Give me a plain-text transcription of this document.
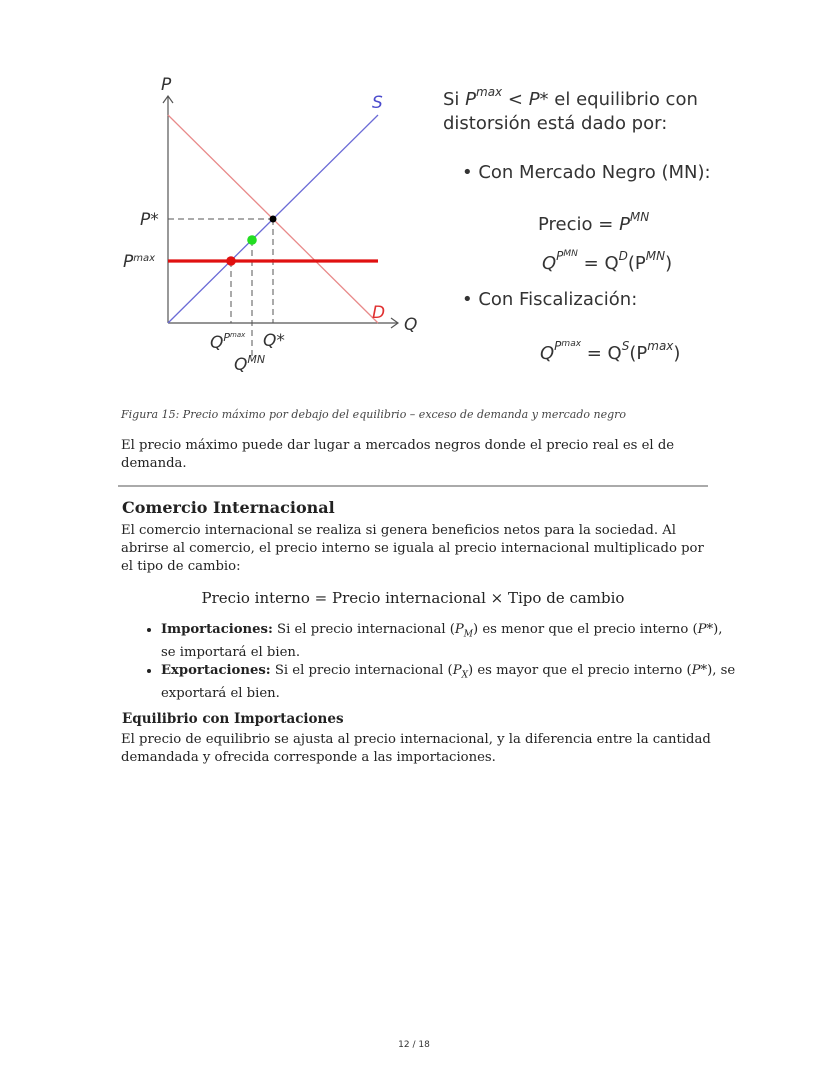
P
Q
S
D
P*
$P^{max}$
$Q^{Pmax}$ Q*
$Q^{MN}$
Si $P^{max} < P*$ el equilibrio con
distorsión está dado por:
• Con Mercado Negro (MN):
Precio = $P^{MN}$
$Q^{PMN} = Q^D(P^{MN})$
• Con Fiscalización:
$Q^{Pmax} = Q^S(P^{max})$
Figura 15: Precio máximo por debajo del equilibrio – exceso de demanda y mercado negro
El precio máximo puede dar lugar a mercados negros donde el precio real es el de demanda.
Comercio Internacional
El comercio internacional se realiza si genera beneficios netos para la sociedad. Al abrirse al comercio, el precio interno se iguala al precio internacional multiplicado por el tipo de cambio:
Precio interno = Precio internacional × Tipo de cambio
• Importaciones: Si el precio internacional $(P_M)$ es menor que el precio interno (P*), se importará el bien.
• Exportaciones: Si el precio internacional $(P_X)$ es mayor que el precio interno (P*), se exportará el bien.
Equilibrio con Importaciones
El precio de equilibrio se ajusta al precio internacional, y la diferencia entre la cantidad demandada y ofrecida corresponde a las importaciones.
12 / 18
